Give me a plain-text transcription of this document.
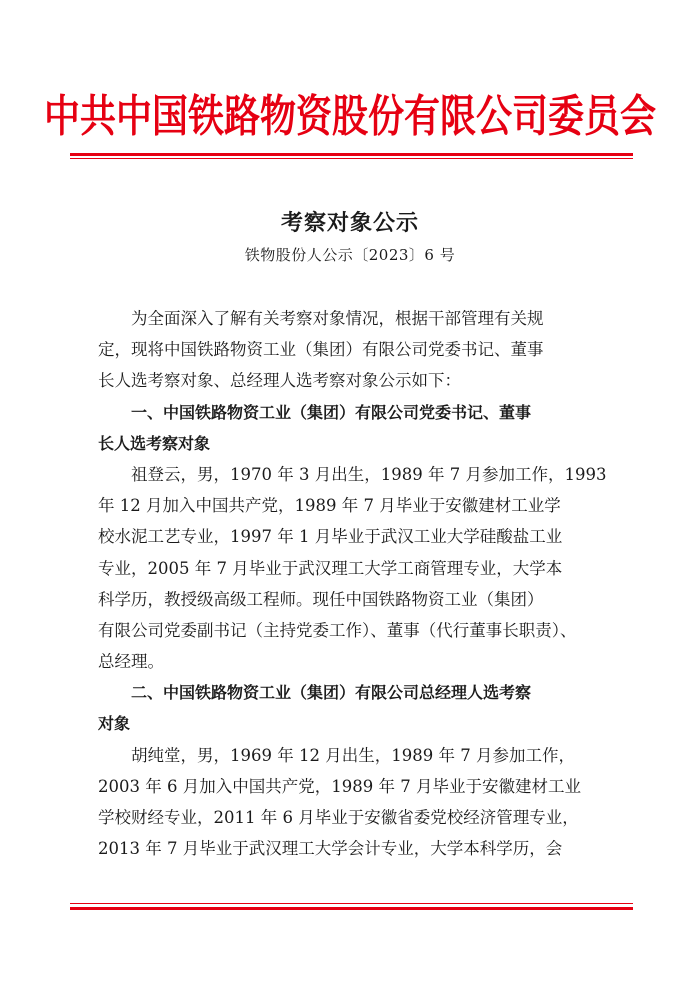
中共中国铁路物资股份有限公司委员会
考察对象公示
铁物股份人公示〔2023〕6 号
为全面深入了解有关考察对象情况，根据干部管理有关规
定，现将中国铁路物资工业（集团）有限公司党委书记、董事
长人选考察对象、总经理人选考察对象公示如下：
一、中国铁路物资工业（集团）有限公司党委书记、董事
长人选考察对象
祖登云，男，1970 年 3 月出生，1989 年 7 月参加工作，1993
年 12 月加入中国共产党，1989 年 7 月毕业于安徽建材工业学
校水泥工艺专业，1997 年 1 月毕业于武汉工业大学硅酸盐工业
专业，2005 年 7 月毕业于武汉理工大学工商管理专业，大学本
科学历，教授级高级工程师。现任中国铁路物资工业（集团）
有限公司党委副书记（主持党委工作）、董事（代行董事长职责）、
总经理。
二、中国铁路物资工业（集团）有限公司总经理人选考察
对象
胡纯堂，男，1969 年 12 月出生，1989 年 7 月参加工作，
2003 年 6 月加入中国共产党，1989 年 7 月毕业于安徽建材工业
学校财经专业，2011 年 6 月毕业于安徽省委党校经济管理专业，
2013 年 7 月毕业于武汉理工大学会计专业，大学本科学历，会
